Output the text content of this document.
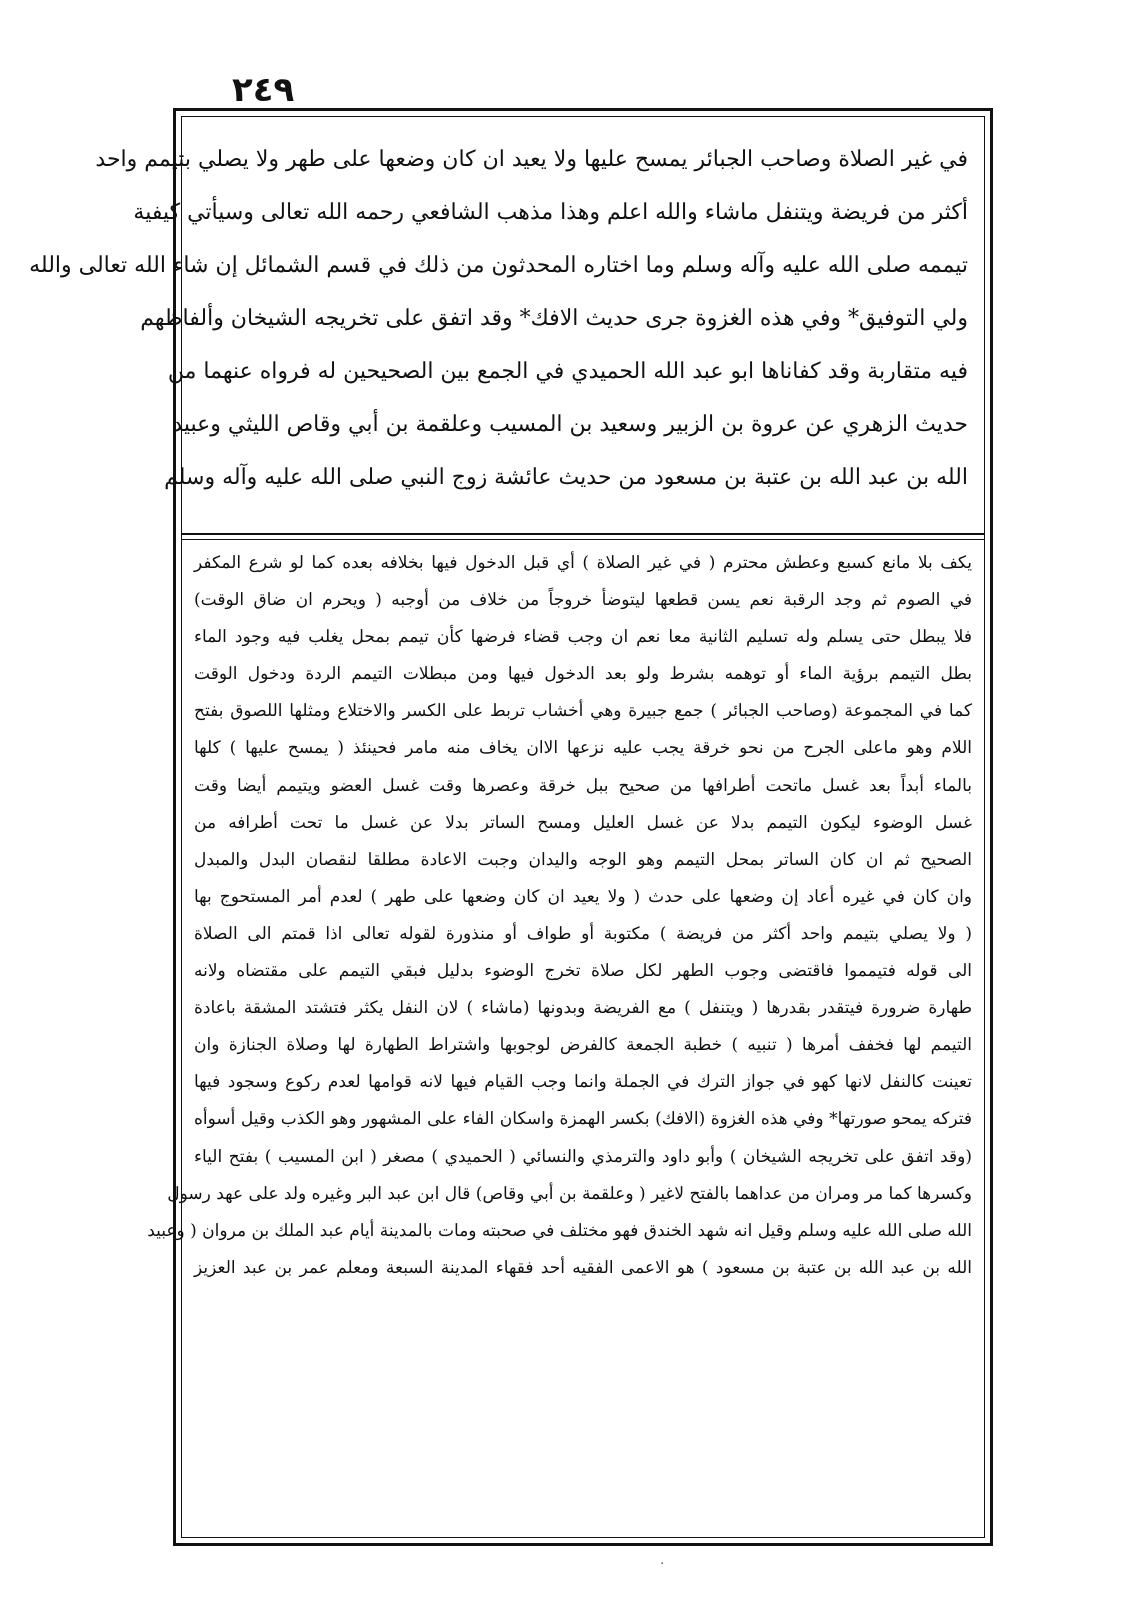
٢٤٩
في غير الصلاة وصاحب الجبائر يمسح عليها ولا يعيد ان كان وضعها على طهر ولا يصلي بتيمم واحد
أكثر من فريضة ويتنفل ماشاء والله اعلم وهذا مذهب الشافعي رحمه الله تعالى وسيأتي كيفية
تيممه صلى الله عليه وآله وسلم وما اختاره المحدثون من ذلك في قسم الشمائل إن شاء الله تعالى والله
ولي التوفيق* وفي هذه الغزوة جرى حديث الافك* وقد اتفق على تخريجه الشيخان وألفاظهم
فيه متقاربة وقد كفاناها ابو عبد الله الحميدي في الجمع بين الصحيحين له فرواه عنهما من
حديث الزهري عن عروة بن الزبير وسعيد بن المسيب وعلقمة بن أبي وقاص الليثي وعبيد
الله بن عبد الله بن عتبة بن مسعود من حديث عائشة زوج النبي صلى الله عليه وآله وسلم
يكف بلا مانع كسبع وعطش محترم ( في غير الصلاة ) أي قبل الدخول فيها بخلافه بعده كما لو شرع المكفر
في الصوم ثم وجد الرقبة نعم يسن قطعها ليتوضأ خروجاً من خلاف من أوجبه ( ويحرم ان ضاق الوقت)
فلا يبطل حتى يسلم وله تسليم الثانية معا نعم ان وجب قضاء فرضها كأن تيمم بمحل يغلب فيه وجود الماء
بطل التيمم برؤية الماء أو توهمه بشرط ولو بعد الدخول فيها ومن مبطلات التيمم الردة ودخول الوقت
كما في المجموعة (وصاحب الجبائر ) جمع جبيرة وهي أخشاب تربط على الكسر والاختلاع ومثلها اللصوق بفتح
اللام وهو ماعلى الجرح من نحو خرقة يجب عليه نزعها الاان يخاف منه مامر فحينئذ ( يمسح عليها ) كلها
بالماء أبداً بعد غسل ماتحت أطرافها من صحيح ببل خرقة وعصرها وقت غسل العضو ويتيمم أيضا وقت
غسل الوضوء ليكون التيمم بدلا عن غسل العليل ومسح الساتر بدلا عن غسل ما تحت أطرافه من
الصحيح ثم ان كان الساتر بمحل التيمم وهو الوجه واليدان وجبت الاعادة مطلقا لنقصان البدل والمبدل
وان كان في غيره أعاد إن وضعها على حدث ( ولا يعيد ان كان وضعها على طهر ) لعدم أمر المستحوج بها
( ولا يصلي بتيمم واحد أكثر من فريضة ) مكتوبة أو طواف أو منذورة لقوله تعالى اذا قمتم الى الصلاة
الى قوله فتيمموا فاقتضى وجوب الطهر لكل صلاة تخرج الوضوء بدليل فبقي التيمم على مقتضاه ولانه
طهارة ضرورة فيتقدر بقدرها ( ويتنفل ) مع الفريضة وبدونها (ماشاء ) لان النفل يكثر فتشتد المشقة باعادة
التيمم لها فخفف أمرها ( تنبيه ) خطبة الجمعة كالفرض لوجوبها واشتراط الطهارة لها وصلاة الجنازة وان
تعينت كالنفل لانها كهو في جواز الترك في الجملة وانما وجب القيام فيها لانه قوامها لعدم ركوع وسجود فيها
فتركه يمحو صورتها* وفي هذه الغزوة (الافك) بكسر الهمزة واسكان الفاء على المشهور وهو الكذب وقيل أسوأه
(وقد اتفق على تخريجه الشيخان ) وأبو داود والترمذي والنسائي ( الحميدي ) مصغر ( ابن المسيب ) بفتح الياء
وكسرها كما مر ومران من عداهما بالفتح لاغير ( وعلقمة بن أبي وقاص) قال ابن عبد البر وغيره ولد على عهد رسول
الله صلى الله عليه وسلم وقيل انه شهد الخندق فهو مختلف في صحبته ومات بالمدينة أيام عبد الملك بن مروان ( وعبيد
الله بن عبد الله بن عتبة بن مسعود ) هو الاعمى الفقيه أحد فقهاء المدينة السبعة ومعلم عمر بن عبد العزيز
·
